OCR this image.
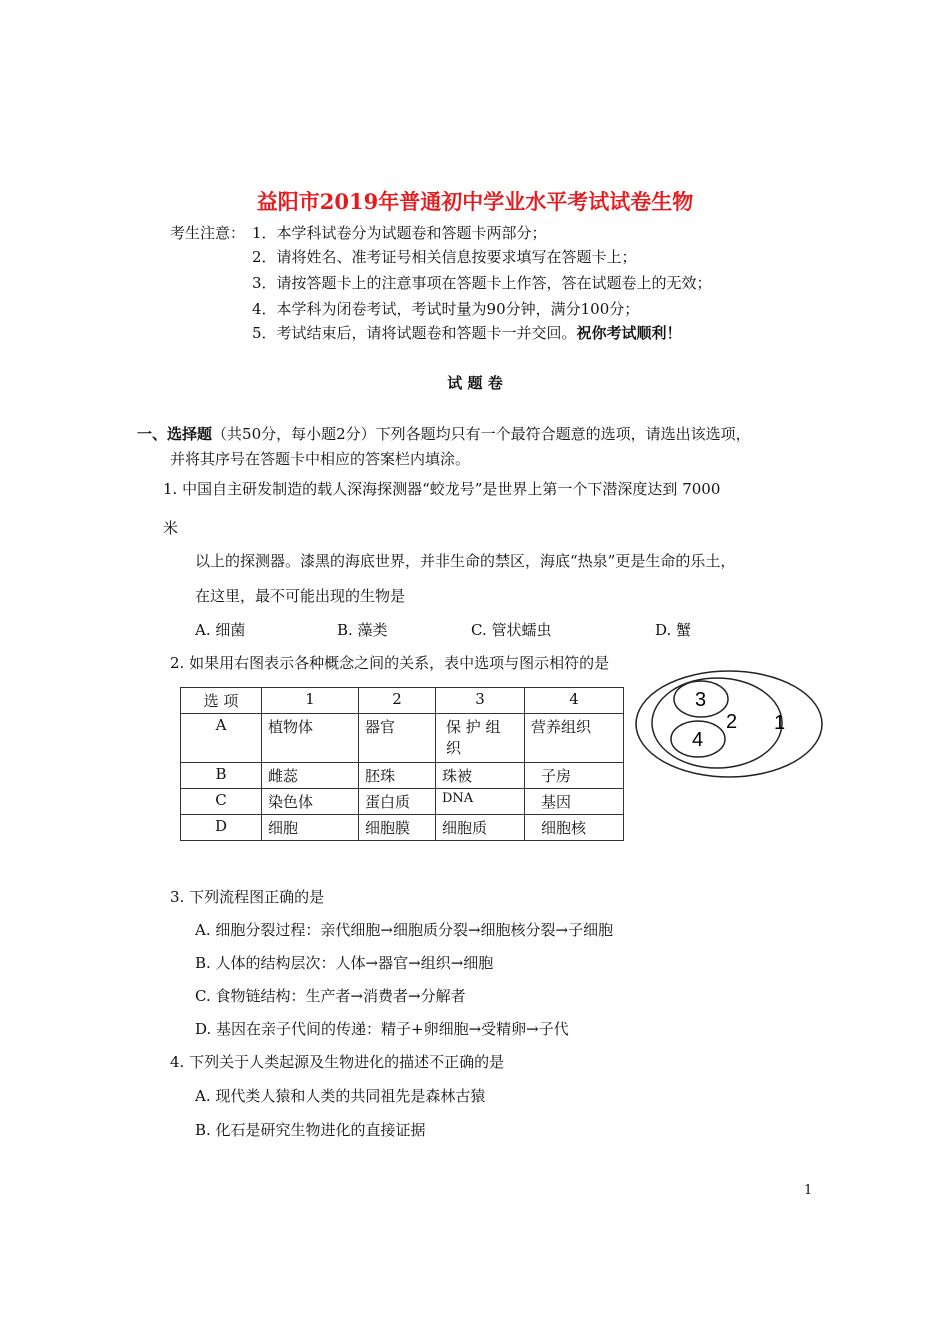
益阳市2019年普通初中学业水平考试试卷生物
考生注意： 1．本学科试卷分为试题卷和答题卡两部分；
2．请将姓名、准考证号相关信息按要求填写在答题卡上；
3．请按答题卡上的注意事项在答题卡上作答，答在试题卷上的无效；
4．本学科为闭卷考试，考试时量为90分钟，满分100分；
5．考试结束后，请将试题卷和答题卡一并交回。祝你考试顺利！
试 题 卷
一、选择题（共50分，每小题2分）下列各题均只有一个最符合题意的选项，请选出该选项，
并将其序号在答题卡中相应的答案栏内填涂。
1. 中国自主研发制造的载人深海探测器“蛟龙号”是世界上第一个下潜深度达到 7000
米
以上的探测器。漆黑的海底世界，并非生命的禁区，海底“热泉”更是生命的乐土，
在这里，最不可能出现的生物是
A. 细菌	B. 藻类	C. 管状蠕虫	D. 蟹
2. 如果用右图表示各种概念之间的关系，表中选项与图示相符的是
选 项	1	2	3	4
A	植物体	器官	保 护 组 织	营养组织
B	雌蕊	胚珠	珠被	子房
C	染色体	蛋白质	DNA	基因
D	细胞	细胞膜	细胞质	细胞核
1
2
3
4
3. 下列流程图正确的是
A. 细胞分裂过程：亲代细胞→细胞质分裂→细胞核分裂→子细胞
B. 人体的结构层次：人体→器官→组织→细胞
C. 食物链结构：生产者→消费者→分解者
D. 基因在亲子代间的传递：精子+卵细胞→受精卵→子代
4. 下列关于人类起源及生物进化的描述不正确的是
A. 现代类人猿和人类的共同祖先是森林古猿
B. 化石是研究生物进化的直接证据
1
